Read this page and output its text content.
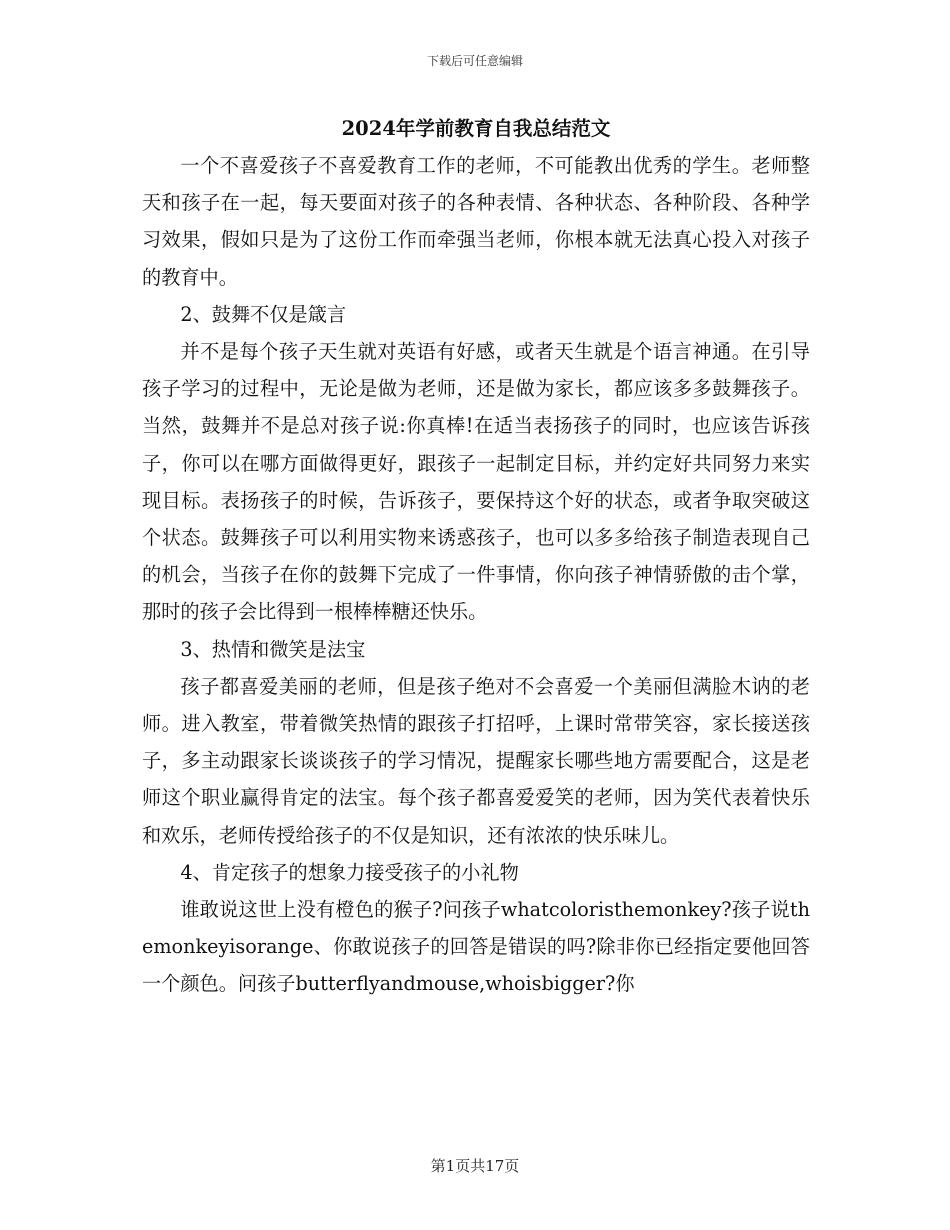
下载后可任意编辑
2024年学前教育自我总结范文

一个不喜爱孩子不喜爱教育工作的老师，不可能教出优秀的学生。老师整天和孩子在一起，每天要面对孩子的各种表情、各种状态、各种阶段、各种学习效果，假如只是为了这份工作而牵强当老师，你根本就无法真心投入对孩子的教育中。

2、鼓舞不仅是箴言

并不是每个孩子天生就对英语有好感，或者天生就是个语言神通。在引导孩子学习的过程中，无论是做为老师，还是做为家长，都应该多多鼓舞孩子。当然，鼓舞并不是总对孩子说:你真棒!在适当表扬孩子的同时，也应该告诉孩子，你可以在哪方面做得更好，跟孩子一起制定目标，并约定好共同努力来实现目标。表扬孩子的时候，告诉孩子，要保持这个好的状态，或者争取突破这个状态。鼓舞孩子可以利用实物来诱惑孩子，也可以多多给孩子制造表现自己的机会，当孩子在你的鼓舞下完成了一件事情，你向孩子神情骄傲的击个掌，那时的孩子会比得到一根棒棒糖还快乐。

3、热情和微笑是法宝

孩子都喜爱美丽的老师，但是孩子绝对不会喜爱一个美丽但满脸木讷的老师。进入教室，带着微笑热情的跟孩子打招呼，上课时常带笑容，家长接送孩子，多主动跟家长谈谈孩子的学习情况，提醒家长哪些地方需要配合，这是老师这个职业赢得肯定的法宝。每个孩子都喜爱爱笑的老师，因为笑代表着快乐和欢乐，老师传授给孩子的不仅是知识，还有浓浓的快乐味儿。

4、肯定孩子的想象力接受孩子的小礼物

谁敢说这世上没有橙色的猴子?问孩子whatcoloristhemonkey?孩子说themonkeyisorange、你敢说孩子的回答是错误的吗?除非你已经指定要他回答一个颜色。问孩子butterflyandmouse,whoisbigger?你

第1页共17页
